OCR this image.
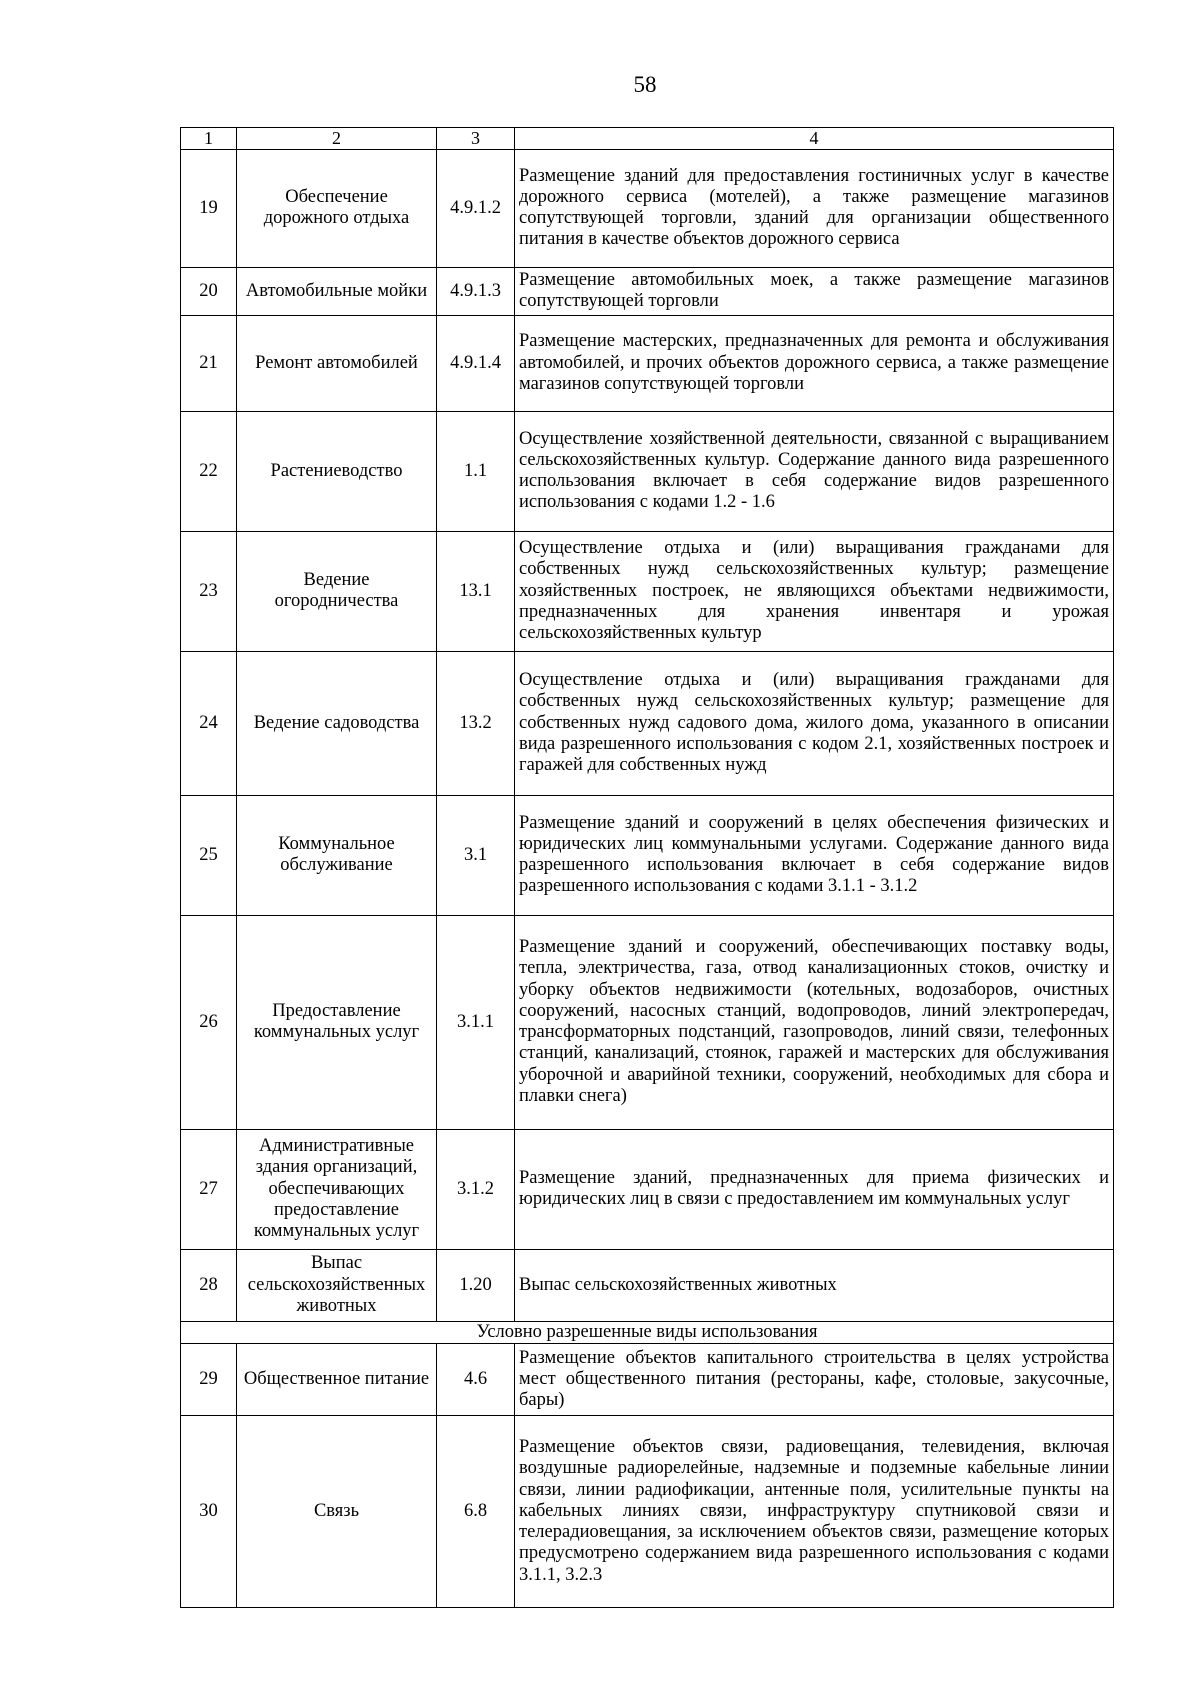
58
1	2	3	4
19	Обеспечение дорожного отдыха	4.9.1.2	Размещение зданий для предоставления гостиничных услуг в качестве дорожного сервиса (мотелей), а также размещение магазинов сопутствующей торговли, зданий для организации общественного питания в качестве объектов дорожного сервиса
20	Автомобильные мойки	4.9.1.3	Размещение автомобильных моек, а также размещение магазинов сопутствующей торговли
21	Ремонт автомобилей	4.9.1.4	Размещение мастерских, предназначенных для ремонта и обслуживания автомобилей, и прочих объектов дорожного сервиса, а также размещение магазинов сопутствующей торговли
22	Растениеводство	1.1	Осуществление хозяйственной деятельности, связанной с выращиванием сельскохозяйственных культур. Содержание данного вида разрешенного использования включает в себя содержание видов разрешенного использования с кодами 1.2 - 1.6
23	Ведение огородничества	13.1	Осуществление отдыха и (или) выращивания гражданами для собственных нужд сельскохозяйственных культур; размещение хозяйственных построек, не являющихся объектами недвижимости, предназначенных для хранения инвентаря и урожая сельскохозяйственных культур
24	Ведение садоводства	13.2	Осуществление отдыха и (или) выращивания гражданами для собственных нужд сельскохозяйственных культур; размещение для собственных нужд садового дома, жилого дома, указанного в описании вида разрешенного использования с кодом 2.1, хозяйственных построек и гаражей для собственных нужд
25	Коммунальное обслуживание	3.1	Размещение зданий и сооружений в целях обеспечения физических и юридических лиц коммунальными услугами. Содержание данного вида разрешенного использования включает в себя содержание видов разрешенного использования с кодами 3.1.1 - 3.1.2
26	Предоставление коммунальных услуг	3.1.1	Размещение зданий и сооружений, обеспечивающих поставку воды, тепла, электричества, газа, отвод канализационных стоков, очистку и уборку объектов недвижимости (котельных, водозаборов, очистных сооружений, насосных станций, водопроводов, линий электропередач, трансформаторных подстанций, газопроводов, линий связи, телефонных станций, канализаций, стоянок, гаражей и мастерских для обслуживания уборочной и аварийной техники, сооружений, необходимых для сбора и плавки снега)
27	Административные здания организаций, обеспечивающих предоставление коммунальных услуг	3.1.2	Размещение зданий, предназначенных для приема физических и юридических лиц в связи с предоставлением им коммунальных услуг
28	Выпас сельскохозяйственных животных	1.20	Выпас сельскохозяйственных животных
Условно разрешенные виды использования			
29	Общественное питание	4.6	Размещение объектов капитального строительства в целях устройства мест общественного питания (рестораны, кафе, столовые, закусочные, бары)
30	Связь	6.8	Размещение объектов связи, радиовещания, телевидения, включая воздушные радиорелейные, надземные и подземные кабельные линии связи, линии радиофикации, антенные поля, усилительные пункты на кабельных линиях связи, инфраструктуру спутниковой связи и телерадиовещания, за исключением объектов связи, размещение которых предусмотрено содержанием вида разрешенного использования с кодами 3.1.1, 3.2.3
